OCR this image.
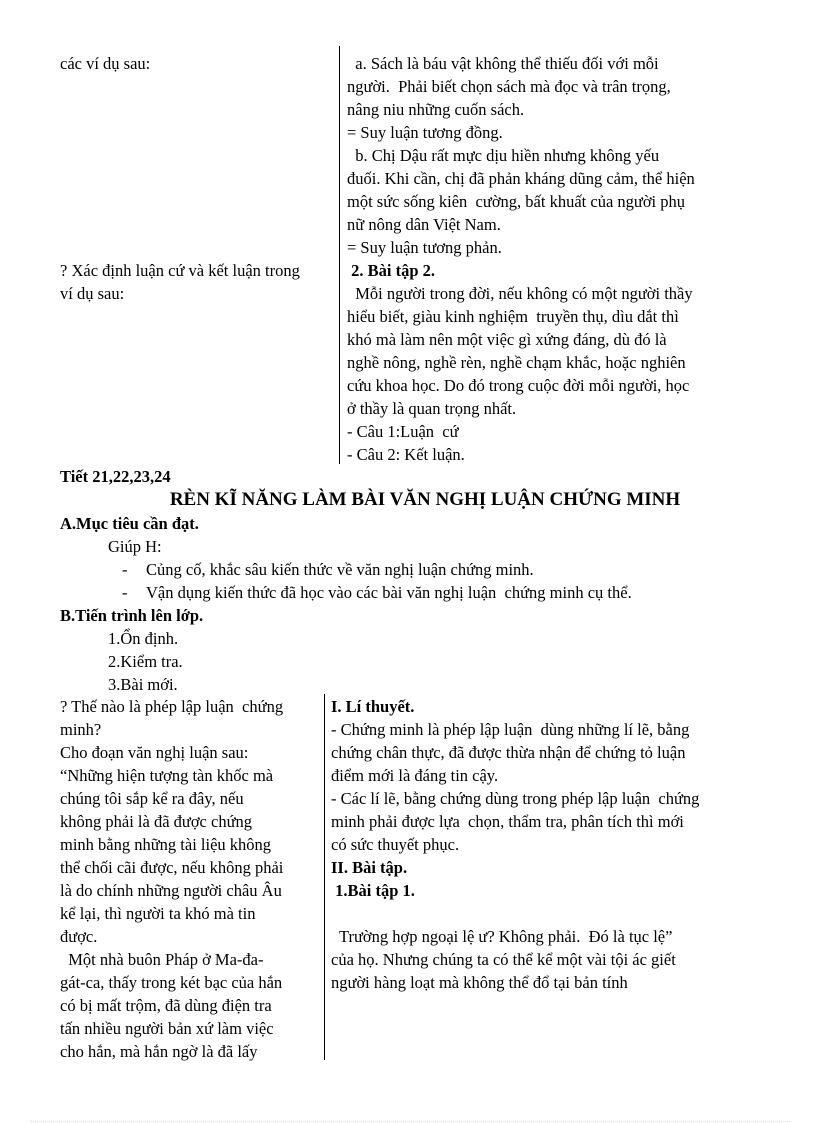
các ví dụ sau:
? Xác định luận cứ và kết luận trong
ví dụ sau:
a. Sách là báu vật không thể thiếu đối với mỗi
người.  Phải biết chọn sách mà đọc và trân trọng,
nâng niu những cuốn sách.
= Suy luận tương đồng.
b. Chị Dậu rất mực dịu hiền nhưng không yếu
đuối. Khi cần, chị đã phản kháng dũng cảm, thể hiện
một sức sống kiên  cường, bất khuất của người phụ
nữ nông dân Việt Nam.
= Suy luận tương phản.
2. Bài tập 2.
Mỗi người trong đời, nếu không có một người thầy
hiểu biết, giàu kinh nghiệm  truyền thụ, dìu dắt thì
khó mà làm nên một việc gì xứng đáng, dù đó là
nghề nông, nghề rèn, nghề chạm khắc, hoặc nghiên
cứu khoa học. Do đó trong cuộc đời mỗi người, học
ở thầy là quan trọng nhất.
- Câu 1:Luận  cứ
- Câu 2: Kết luận.
Tiết 21,22,23,24
RÈN KĨ NĂNG LÀM BÀI VĂN NGHỊ LUẬN CHỨNG MINH
A.Mục tiêu cần đạt.
Giúp H:
- Củng cố, khắc sâu kiến thức về văn nghị luận chứng minh.
- Vận dụng kiến thức đã học vào các bài văn nghị luận  chứng minh cụ thể.
B.Tiến trình lên lớp.
1.Ổn định.
2.Kiểm tra.
3.Bài mới.
? Thế nào là phép lập luận  chứng
minh?
Cho đoạn văn nghị luận sau:
“Những hiện tượng tàn khốc mà
chúng tôi sắp kể ra đây, nếu
không phải là đã được chứng
minh bằng những tài liệu không
thể chối cãi được, nếu không phải
là do chính những người châu Âu
kể lại, thì người ta khó mà tin
được.
Một nhà buôn Pháp ở Ma-đa-
gát-ca, thấy trong két bạc của hắn
có bị mất trộm, đã dùng điện tra
tấn nhiều người bản xứ làm việc
cho hắn, mà hắn ngờ là đã lấy
I. Lí thuyết.
- Chứng minh là phép lập luận  dùng những lí lẽ, bằng
chứng chân thực, đã được thừa nhận để chứng tỏ luận
điểm mới là đáng tin cậy.
- Các lí lẽ, bằng chứng dùng trong phép lập luận  chứng
minh phải được lựa  chọn, thẩm tra, phân tích thì mới
có sức thuyết phục.
II. Bài tập.
1.Bài tập 1.
Trường hợp ngoại lệ ư? Không phải.  Đó là tục lệ”
của họ. Nhưng chúng ta có thể kể một vài tội ác giết
người hàng loạt mà không thể đổ tại bản tính
